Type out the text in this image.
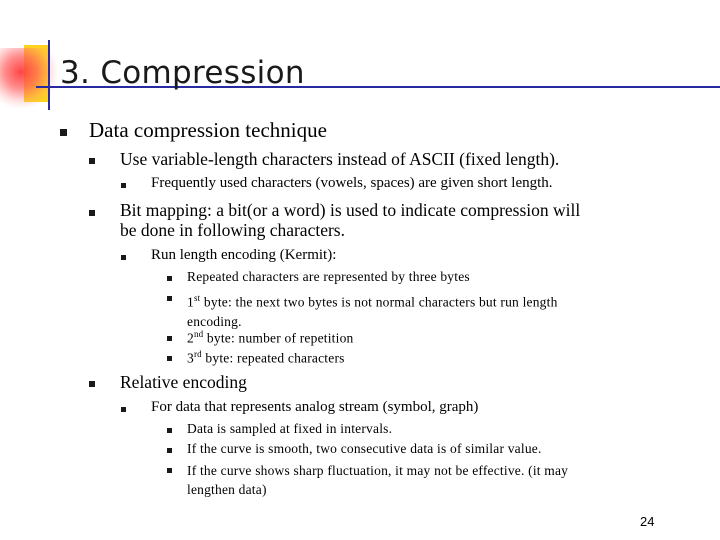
3. Compression
Data compression technique
Use variable-length characters instead of ASCII (fixed length).
Frequently used characters (vowels, spaces) are given short length.
Bit mapping: a bit(or a word) is used to indicate compression will
be done in following characters.
Run length encoding (Kermit):
Repeated characters are represented by three bytes
1st byte: the next two bytes is not normal characters but run length
encoding.
2nd byte: number of repetition
3rd byte: repeated characters
Relative encoding
For data that represents analog stream (symbol, graph)
Data is sampled at fixed in intervals.
If the curve is smooth, two consecutive data is of similar value.
If the curve shows sharp fluctuation, it may not be effective. (it may
lengthen data)
24
